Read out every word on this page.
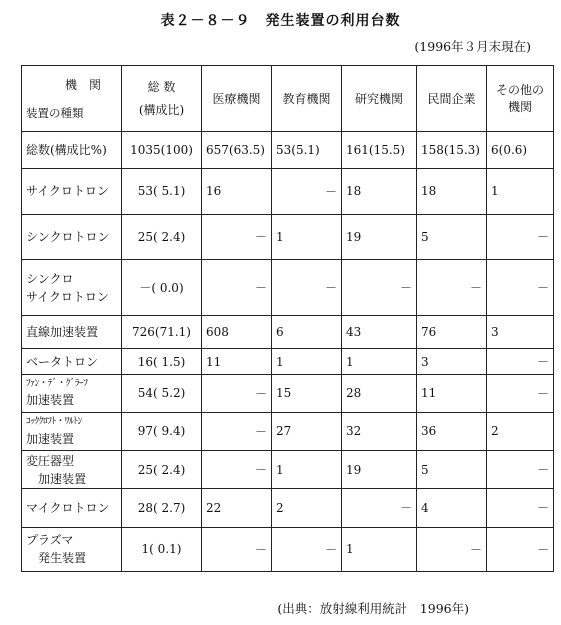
表２－８－９　発生装置の利用台数
(1996年３月末現在)
機関
装置の種類	総 数
(構成比)	医療機関	教育機関	研究機関	民間企業	その他の機関

総数(構成比%)	1035(100)	657(63.5)	53(5.1)	161(15.5)	158(15.3)	6(0.6)

サイクロトロン	53( 5.1)	16	－	18	18	1

シンクロトロン	25( 2.4)	－	1	19	5	－

シンクロ
サイクロトロン	－( 0.0)	－	－	－	－	－

直線加速装置	726(71.1)	608	6	43	76	3

ベータトロン	16( 1.5)	11	1	1	3	－

ﾌｧﾝ・ﾃﾞ・ｸﾞﾗｰﾌ
加速装置	54( 5.2)	－	15	28	11	－

ｺｯｸｸﾛﾌﾄ・ﾜﾙﾄﾝ
加速装置	97( 9.4)	－	27	32	36	2

変圧器型
加速装置	25( 2.4)	－	1	19	5	－

マイクロトロン	28( 2.7)	22	2	－	4	－

プラズマ
発生装置	1( 0.1)	－	－	1	－	－
(出典：放射線利用統計　1996年)
